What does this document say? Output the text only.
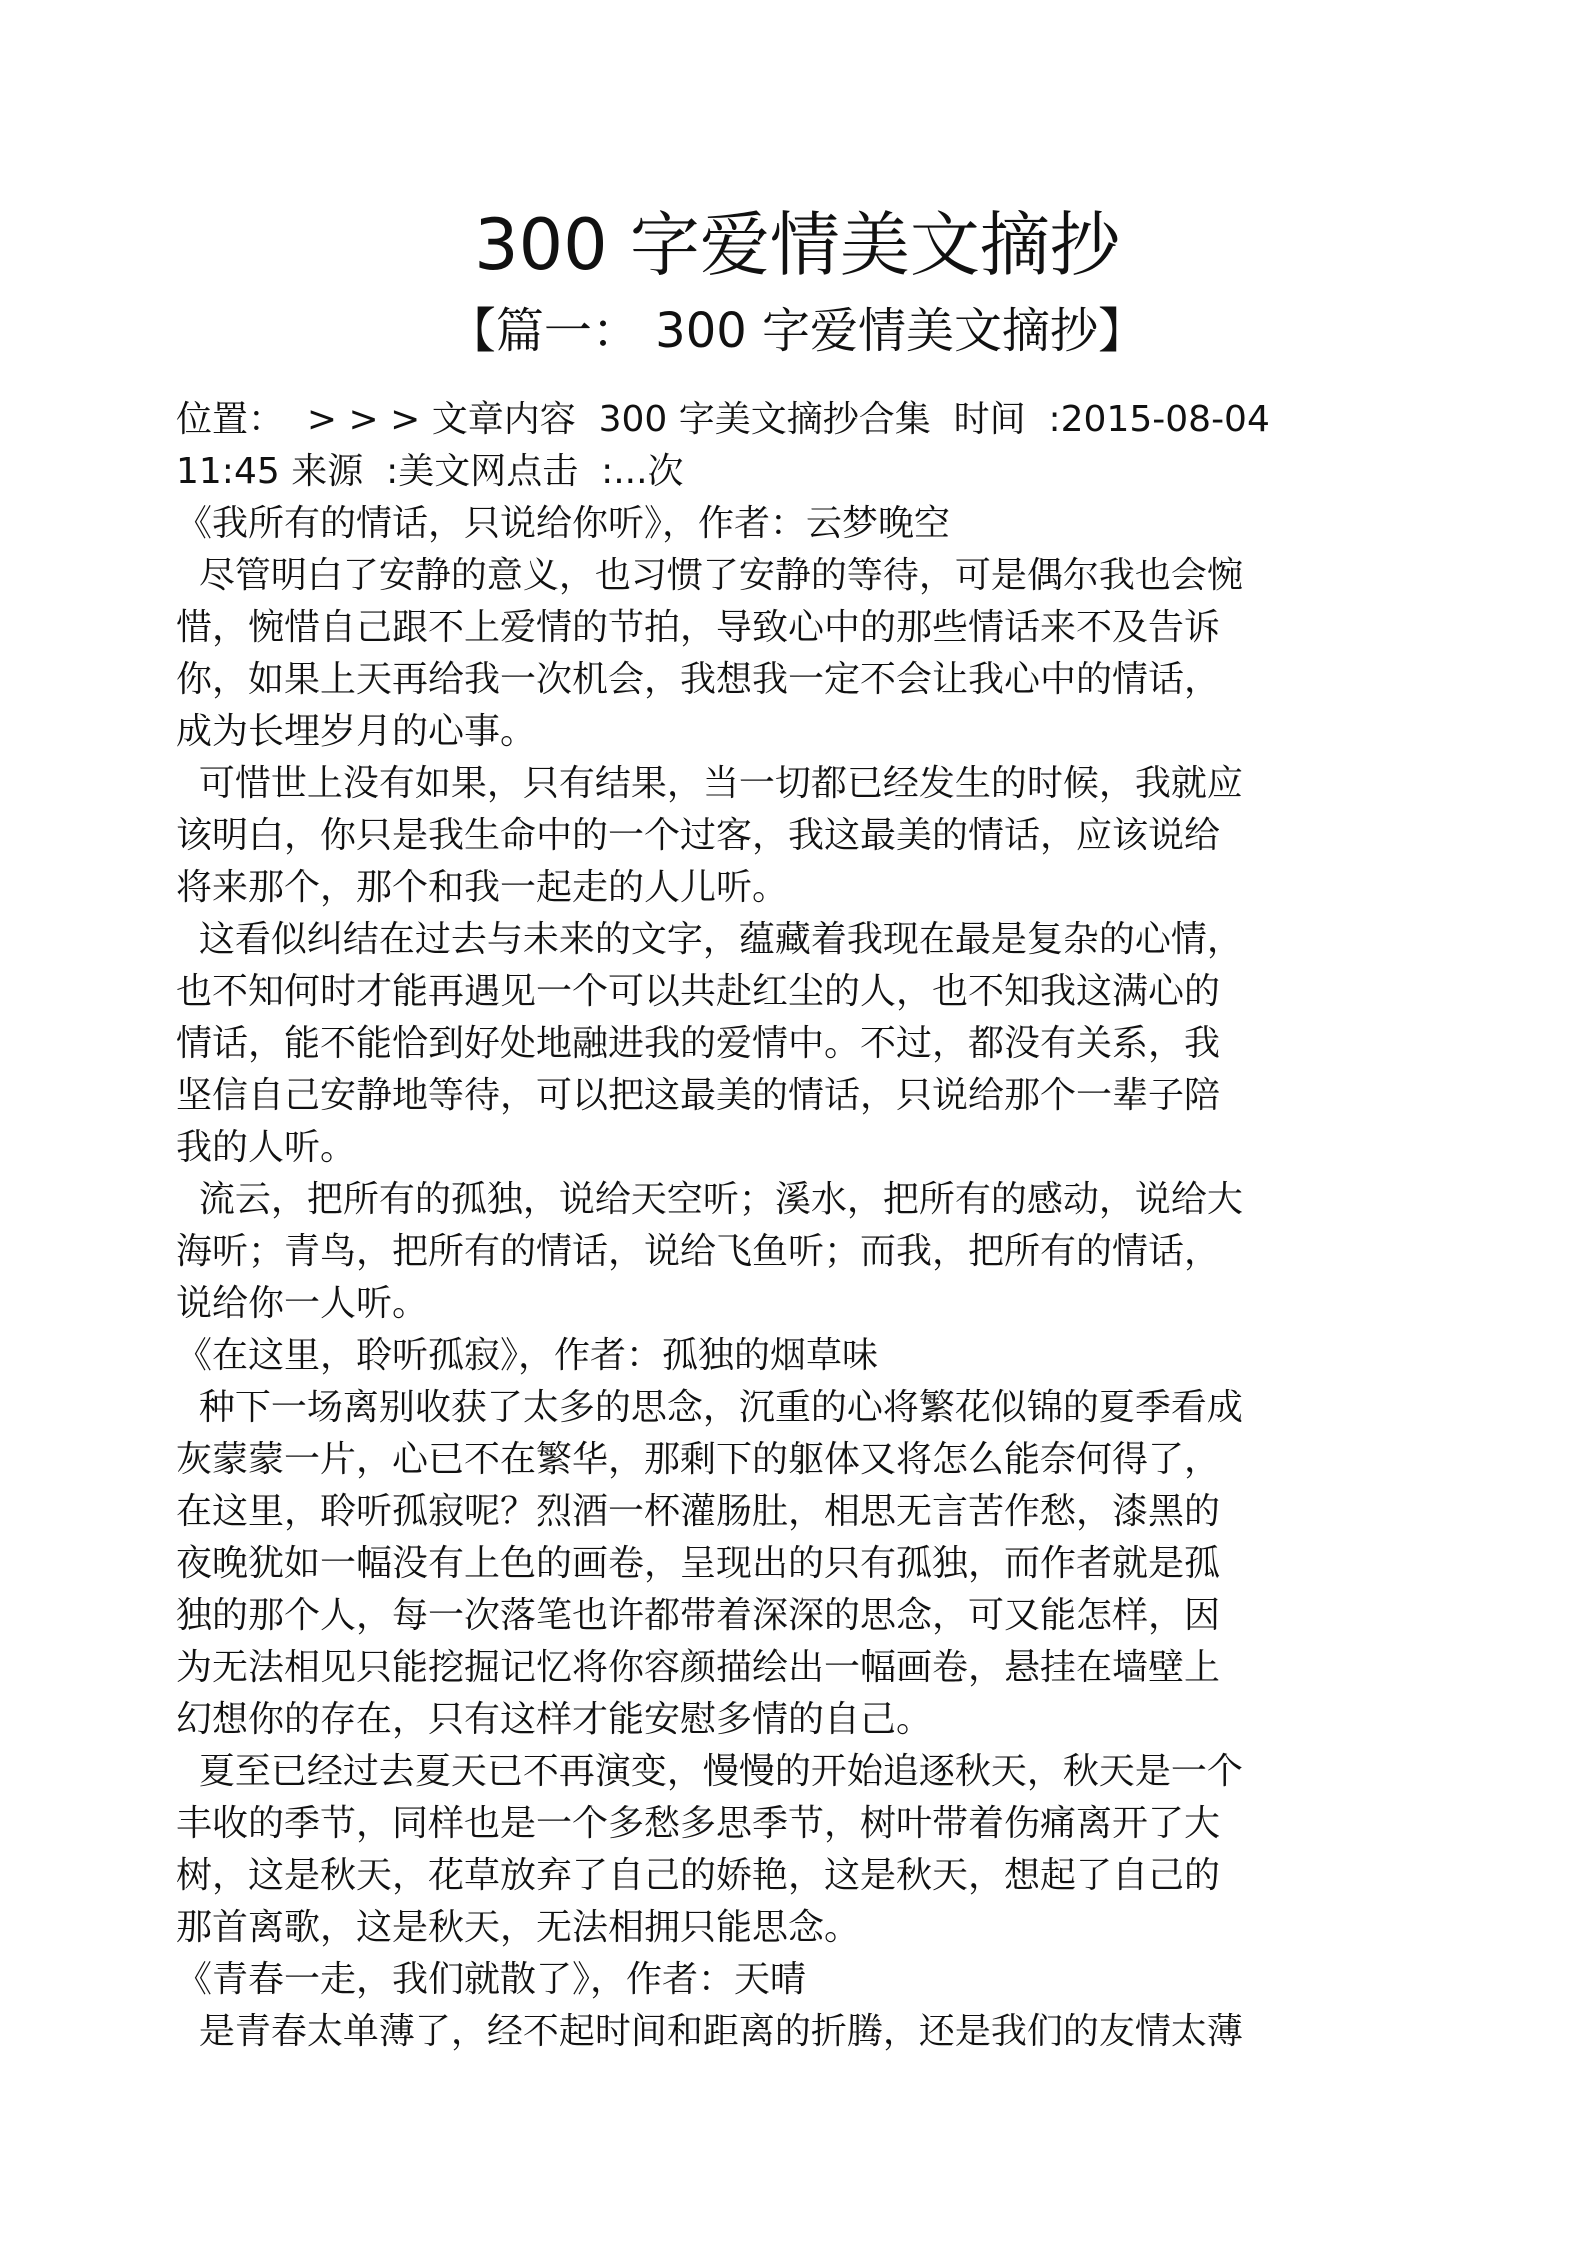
300 字爱情美文摘抄
【篇一： 300 字爱情美文摘抄】
位置：  > > > 文章内容  300 字美文摘抄合集  时间  :2015-08-04
11:45 来源  :美文网点击  :...次
《我所有的情话，只说给你听》，作者：云梦晚空
尽管明白了安静的意义，也习惯了安静的等待，可是偶尔我也会惋
惜，惋惜自己跟不上爱情的节拍，导致心中的那些情话来不及告诉
你，如果上天再给我一次机会，我想我一定不会让我心中的情话，
成为长埋岁月的心事。
可惜世上没有如果，只有结果，当一切都已经发生的时候，我就应
该明白，你只是我生命中的一个过客，我这最美的情话，应该说给
将来那个，那个和我一起走的人儿听。
这看似纠结在过去与未来的文字，蕴藏着我现在最是复杂的心情，
也不知何时才能再遇见一个可以共赴红尘的人，也不知我这满心的
情话，能不能恰到好处地融进我的爱情中。不过，都没有关系，我
坚信自己安静地等待，可以把这最美的情话，只说给那个一辈子陪
我的人听。
流云，把所有的孤独，说给天空听；溪水，把所有的感动，说给大
海听；青鸟，把所有的情话，说给飞鱼听；而我，把所有的情话，
说给你一人听。
《在这里，聆听孤寂》，作者：孤独的烟草味
种下一场离别收获了太多的思念，沉重的心将繁花似锦的夏季看成
灰蒙蒙一片，心已不在繁华，那剩下的躯体又将怎么能奈何得了，
在这里，聆听孤寂呢？烈酒一杯灌肠肚，相思无言苦作愁，漆黑的
夜晚犹如一幅没有上色的画卷，呈现出的只有孤独，而作者就是孤
独的那个人，每一次落笔也许都带着深深的思念，可又能怎样，因
为无法相见只能挖掘记忆将你容颜描绘出一幅画卷，悬挂在墙壁上
幻想你的存在，只有这样才能安慰多情的自己。
夏至已经过去夏天已不再演变，慢慢的开始追逐秋天，秋天是一个
丰收的季节，同样也是一个多愁多思季节，树叶带着伤痛离开了大
树，这是秋天，花草放弃了自己的娇艳，这是秋天，想起了自己的
那首离歌，这是秋天，无法相拥只能思念。
《青春一走，我们就散了》，作者：天晴
是青春太单薄了，经不起时间和距离的折腾，还是我们的友情太薄
